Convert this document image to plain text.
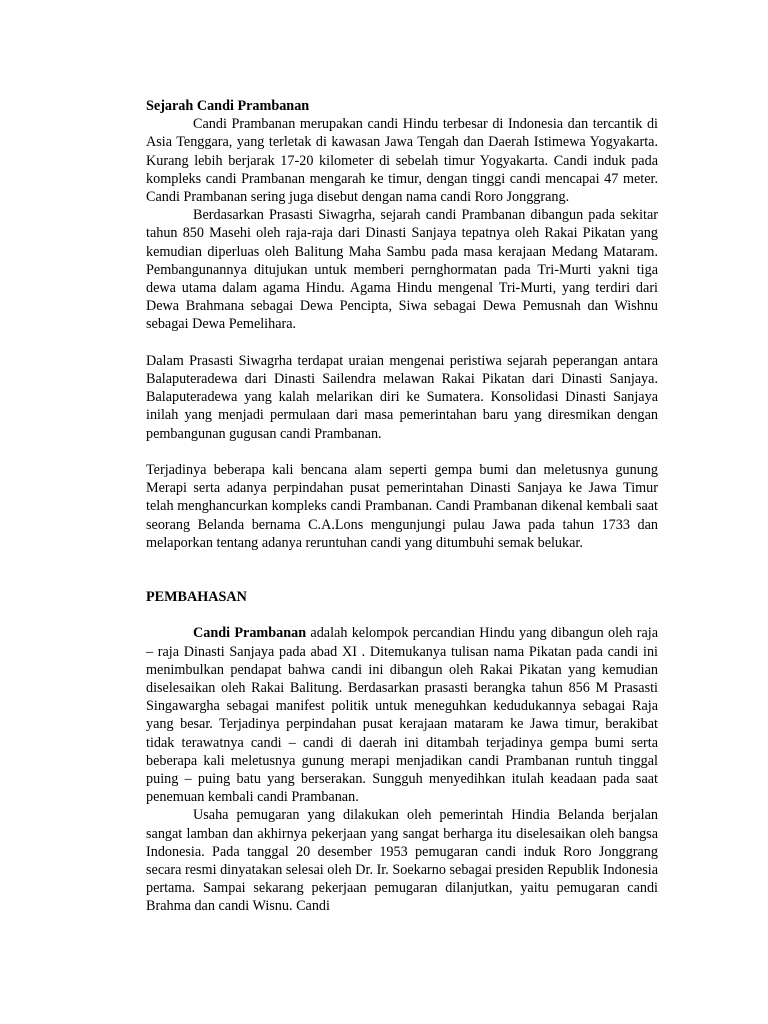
Sejarah Candi Prambanan

Candi Prambanan merupakan candi Hindu terbesar di Indonesia dan tercantik di Asia Tenggara, yang terletak di kawasan Jawa Tengah dan Daerah Istimewa Yogyakarta. Kurang lebih berjarak 17-20 kilometer di sebelah timur Yogyakarta. Candi induk pada kompleks candi Prambanan mengarah ke timur, dengan tinggi candi mencapai 47 meter. Candi Prambanan sering juga disebut dengan nama candi Roro Jonggrang.

Berdasarkan Prasasti Siwagrha, sejarah candi Prambanan dibangun pada sekitar tahun 850 Masehi oleh raja-raja dari Dinasti Sanjaya tepatnya oleh Rakai Pikatan yang kemudian diperluas oleh Balitung Maha Sambu pada masa kerajaan Medang Mataram. Pembangunannya ditujukan untuk memberi pernghormatan pada Tri-Murti yakni tiga dewa utama dalam agama Hindu. Agama Hindu mengenal Tri-Murti, yang terdiri dari Dewa Brahmana sebagai Dewa Pencipta, Siwa sebagai Dewa Pemusnah dan Wishnu sebagai Dewa Pemelihara.

Dalam Prasasti Siwagrha terdapat uraian mengenai peristiwa sejarah peperangan antara Balaputeradewa dari Dinasti Sailendra melawan Rakai Pikatan dari Dinasti Sanjaya. Balaputeradewa yang kalah melarikan diri ke Sumatera. Konsolidasi Dinasti Sanjaya inilah yang menjadi permulaan dari masa pemerintahan baru yang diresmikan dengan pembangunan gugusan candi Prambanan.

Terjadinya beberapa kali bencana alam seperti gempa bumi dan meletusnya gunung Merapi serta adanya perpindahan pusat pemerintahan Dinasti Sanjaya ke Jawa Timur telah menghancurkan kompleks candi Prambanan. Candi Prambanan dikenal kembali saat seorang Belanda bernama C.A.Lons mengunjungi pulau Jawa pada tahun 1733 dan melaporkan tentang adanya reruntuhan candi yang ditumbuhi semak belukar.

PEMBAHASAN

Candi Prambanan adalah kelompok percandian Hindu yang dibangun oleh raja – raja Dinasti Sanjaya pada abad XI . Ditemukanya tulisan nama Pikatan pada candi ini menimbulkan pendapat bahwa candi ini dibangun oleh Rakai Pikatan yang kemudian diselesaikan oleh Rakai Balitung. Berdasarkan prasasti berangka tahun 856 M Prasasti Singawargha sebagai manifest politik untuk meneguhkan kedudukannya sebagai Raja yang besar. Terjadinya perpindahan pusat kerajaan mataram ke Jawa timur, berakibat tidak terawatnya candi – candi di daerah ini ditambah terjadinya gempa bumi serta beberapa kali meletusnya gunung merapi menjadikan candi Prambanan runtuh tinggal puing – puing batu yang berserakan. Sungguh menyedihkan itulah keadaan pada saat penemuan kembali candi Prambanan.

Usaha pemugaran yang dilakukan oleh pemerintah Hindia Belanda berjalan sangat lamban dan akhirnya pekerjaan yang sangat berharga itu diselesaikan oleh bangsa Indonesia. Pada tanggal 20 desember 1953 pemugaran candi induk Roro Jonggrang secara resmi dinyatakan selesai oleh Dr. Ir. Soekarno sebagai presiden Republik Indonesia pertama. Sampai sekarang pekerjaan pemugaran dilanjutkan, yaitu pemugaran candi Brahma dan candi Wisnu. Candi
